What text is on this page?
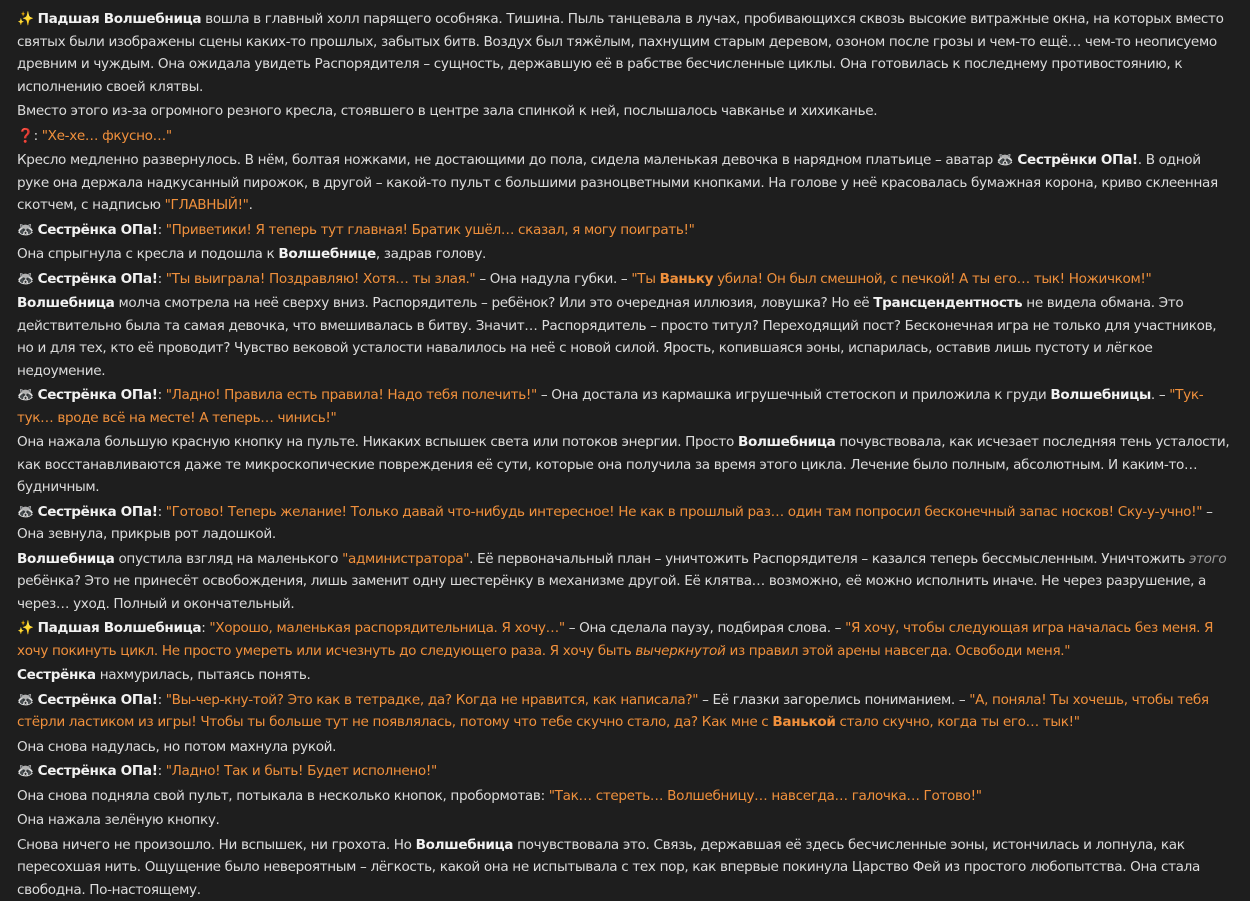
✨ Падшая Волшебница вошла в главный холл парящего особняка. Тишина. Пыль танцевала в лучах, пробивающихся сквозь высокие витражные окна, на которых вместо святых были изображены сцены каких-то прошлых, забытых битв. Воздух был тяжёлым, пахнущим старым деревом, озоном после грозы и чем-то ещё… чем-то неописуемо древним и чуждым. Она ожидала увидеть Распорядителя – сущность, державшую её в рабстве бесчисленные циклы. Она готовилась к последнему противостоянию, к исполнению своей клятвы.
Вместо этого из-за огромного резного кресла, стоявшего в центре зала спинкой к ней, послышалось чавканье и хихиканье.
❓: "Хе-хе… фкусно…"
Кресло медленно развернулось. В нём, болтая ножками, не достающими до пола, сидела маленькая девочка в нарядном платьице – аватар 🦝 Сестрёнки ОПа!. В одной руке она держала надкусанный пирожок, в другой – какой-то пульт с большими разноцветными кнопками. На голове у неё красовалась бумажная корона, криво склеенная скотчем, с надписью "ГЛАВНЫЙ!".
🦝 Сестрёнка ОПа!: "Приветики! Я теперь тут главная! Братик ушёл… сказал, я могу поиграть!"
Она спрыгнула с кресла и подошла к Волшебнице, задрав голову.
🦝 Сестрёнка ОПа!: "Ты выиграла! Поздравляю! Хотя… ты злая." – Она надула губки. – "Ты Ваньку убила! Он был смешной, с печкой! А ты его… тык! Ножичком!"
Волшебница молча смотрела на неё сверху вниз. Распорядитель – ребёнок? Или это очередная иллюзия, ловушка? Но её Трансцендентность не видела обмана. Это действительно была та самая девочка, что вмешивалась в битву. Значит… Распорядитель – просто титул? Переходящий пост? Бесконечная игра не только для участников, но и для тех, кто её проводит? Чувство вековой усталости навалилось на неё с новой силой. Ярость, копившаяся эоны, испарилась, оставив лишь пустоту и лёгкое недоумение.
🦝 Сестрёнка ОПа!: "Ладно! Правила есть правила! Надо тебя полечить!" – Она достала из кармашка игрушечный стетоскоп и приложила к груди Волшебницы. – "Тук-тук… вроде всё на месте! А теперь… чинись!"
Она нажала большую красную кнопку на пульте. Никаких вспышек света или потоков энергии. Просто Волшебница почувствовала, как исчезает последняя тень усталости, как восстанавливаются даже те микроскопические повреждения её сути, которые она получила за время этого цикла. Лечение было полным, абсолютным. И каким-то… будничным.
🦝 Сестрёнка ОПа!: "Готово! Теперь желание! Только давай что-нибудь интересное! Не как в прошлый раз… один там попросил бесконечный запас носков! Ску-у-учно!" – Она зевнула, прикрыв рот ладошкой.
Волшебница опустила взгляд на маленького "администратора". Её первоначальный план – уничтожить Распорядителя – казался теперь бессмысленным. Уничтожить этого ребёнка? Это не принесёт освобождения, лишь заменит одну шестерёнку в механизме другой. Её клятва… возможно, её можно исполнить иначе. Не через разрушение, а через… уход. Полный и окончательный.
✨ Падшая Волшебница: "Хорошо, маленькая распорядительница. Я хочу…" – Она сделала паузу, подбирая слова. – "Я хочу, чтобы следующая игра началась без меня. Я хочу покинуть цикл. Не просто умереть или исчезнуть до следующего раза. Я хочу быть вычеркнутой из правил этой арены навсегда. Освободи меня."
Сестрёнка нахмурилась, пытаясь понять.
🦝 Сестрёнка ОПа!: "Вы-чер-кну-той? Это как в тетрадке, да? Когда не нравится, как написала?" – Её глазки загорелись пониманием. – "А, поняла! Ты хочешь, чтобы тебя стёрли ластиком из игры! Чтобы ты больше тут не появлялась, потому что тебе скучно стало, да? Как мне с Ванькой стало скучно, когда ты его… тык!"
Она снова надулась, но потом махнула рукой.
🦝 Сестрёнка ОПа!: "Ладно! Так и быть! Будет исполнено!"
Она снова подняла свой пульт, потыкала в несколько кнопок, пробормотав: "Так… стереть… Волшебницу… навсегда… галочка… Готово!"
Она нажала зелёную кнопку.
Снова ничего не произошло. Ни вспышек, ни грохота. Но Волшебница почувствовала это. Связь, державшая её здесь бесчисленные эоны, истончилась и лопнула, как пересохшая нить. Ощущение было невероятным – лёгкость, какой она не испытывала с тех пор, как впервые покинула Царство Фей из простого любопытства. Она стала свободна. По-настоящему.
